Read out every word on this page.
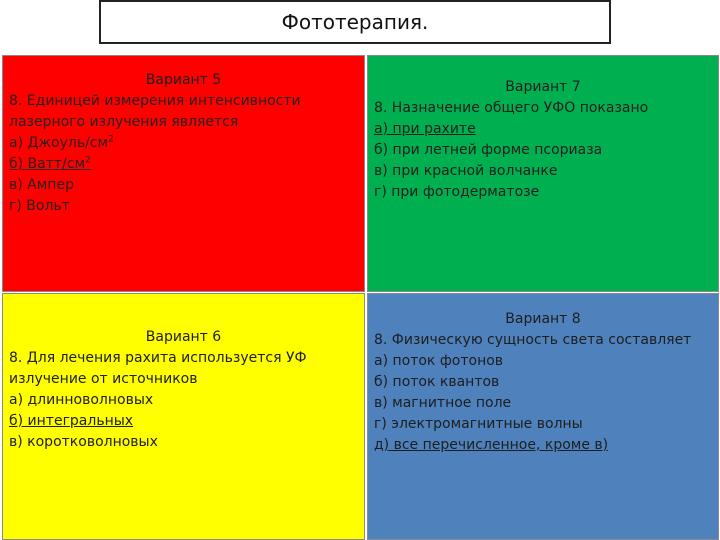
Фототерапия.
Вариант 5
8. Единицей измерения интенсивности
лазерного излучения является
а) Джоуль/$см^2$
б) Ватт/$см^2$
в) Ампер
г) Вольт
Вариант 7
8. Назначение общего УФО показано
а) при рахите
б) при летней форме псориаза
в) при красной волчанке
г) при фотодерматозе
Вариант 6
8. Для лечения рахита используется УФ
излучение от источников
а) длинноволновых
б) интегральных
в) коротковолновых
Вариант 8
8. Физическую сущность света составляет
а) поток фотонов
б) поток квантов
в) магнитное поле
г) электромагнитные волны
д) все перечисленное, кроме в)
